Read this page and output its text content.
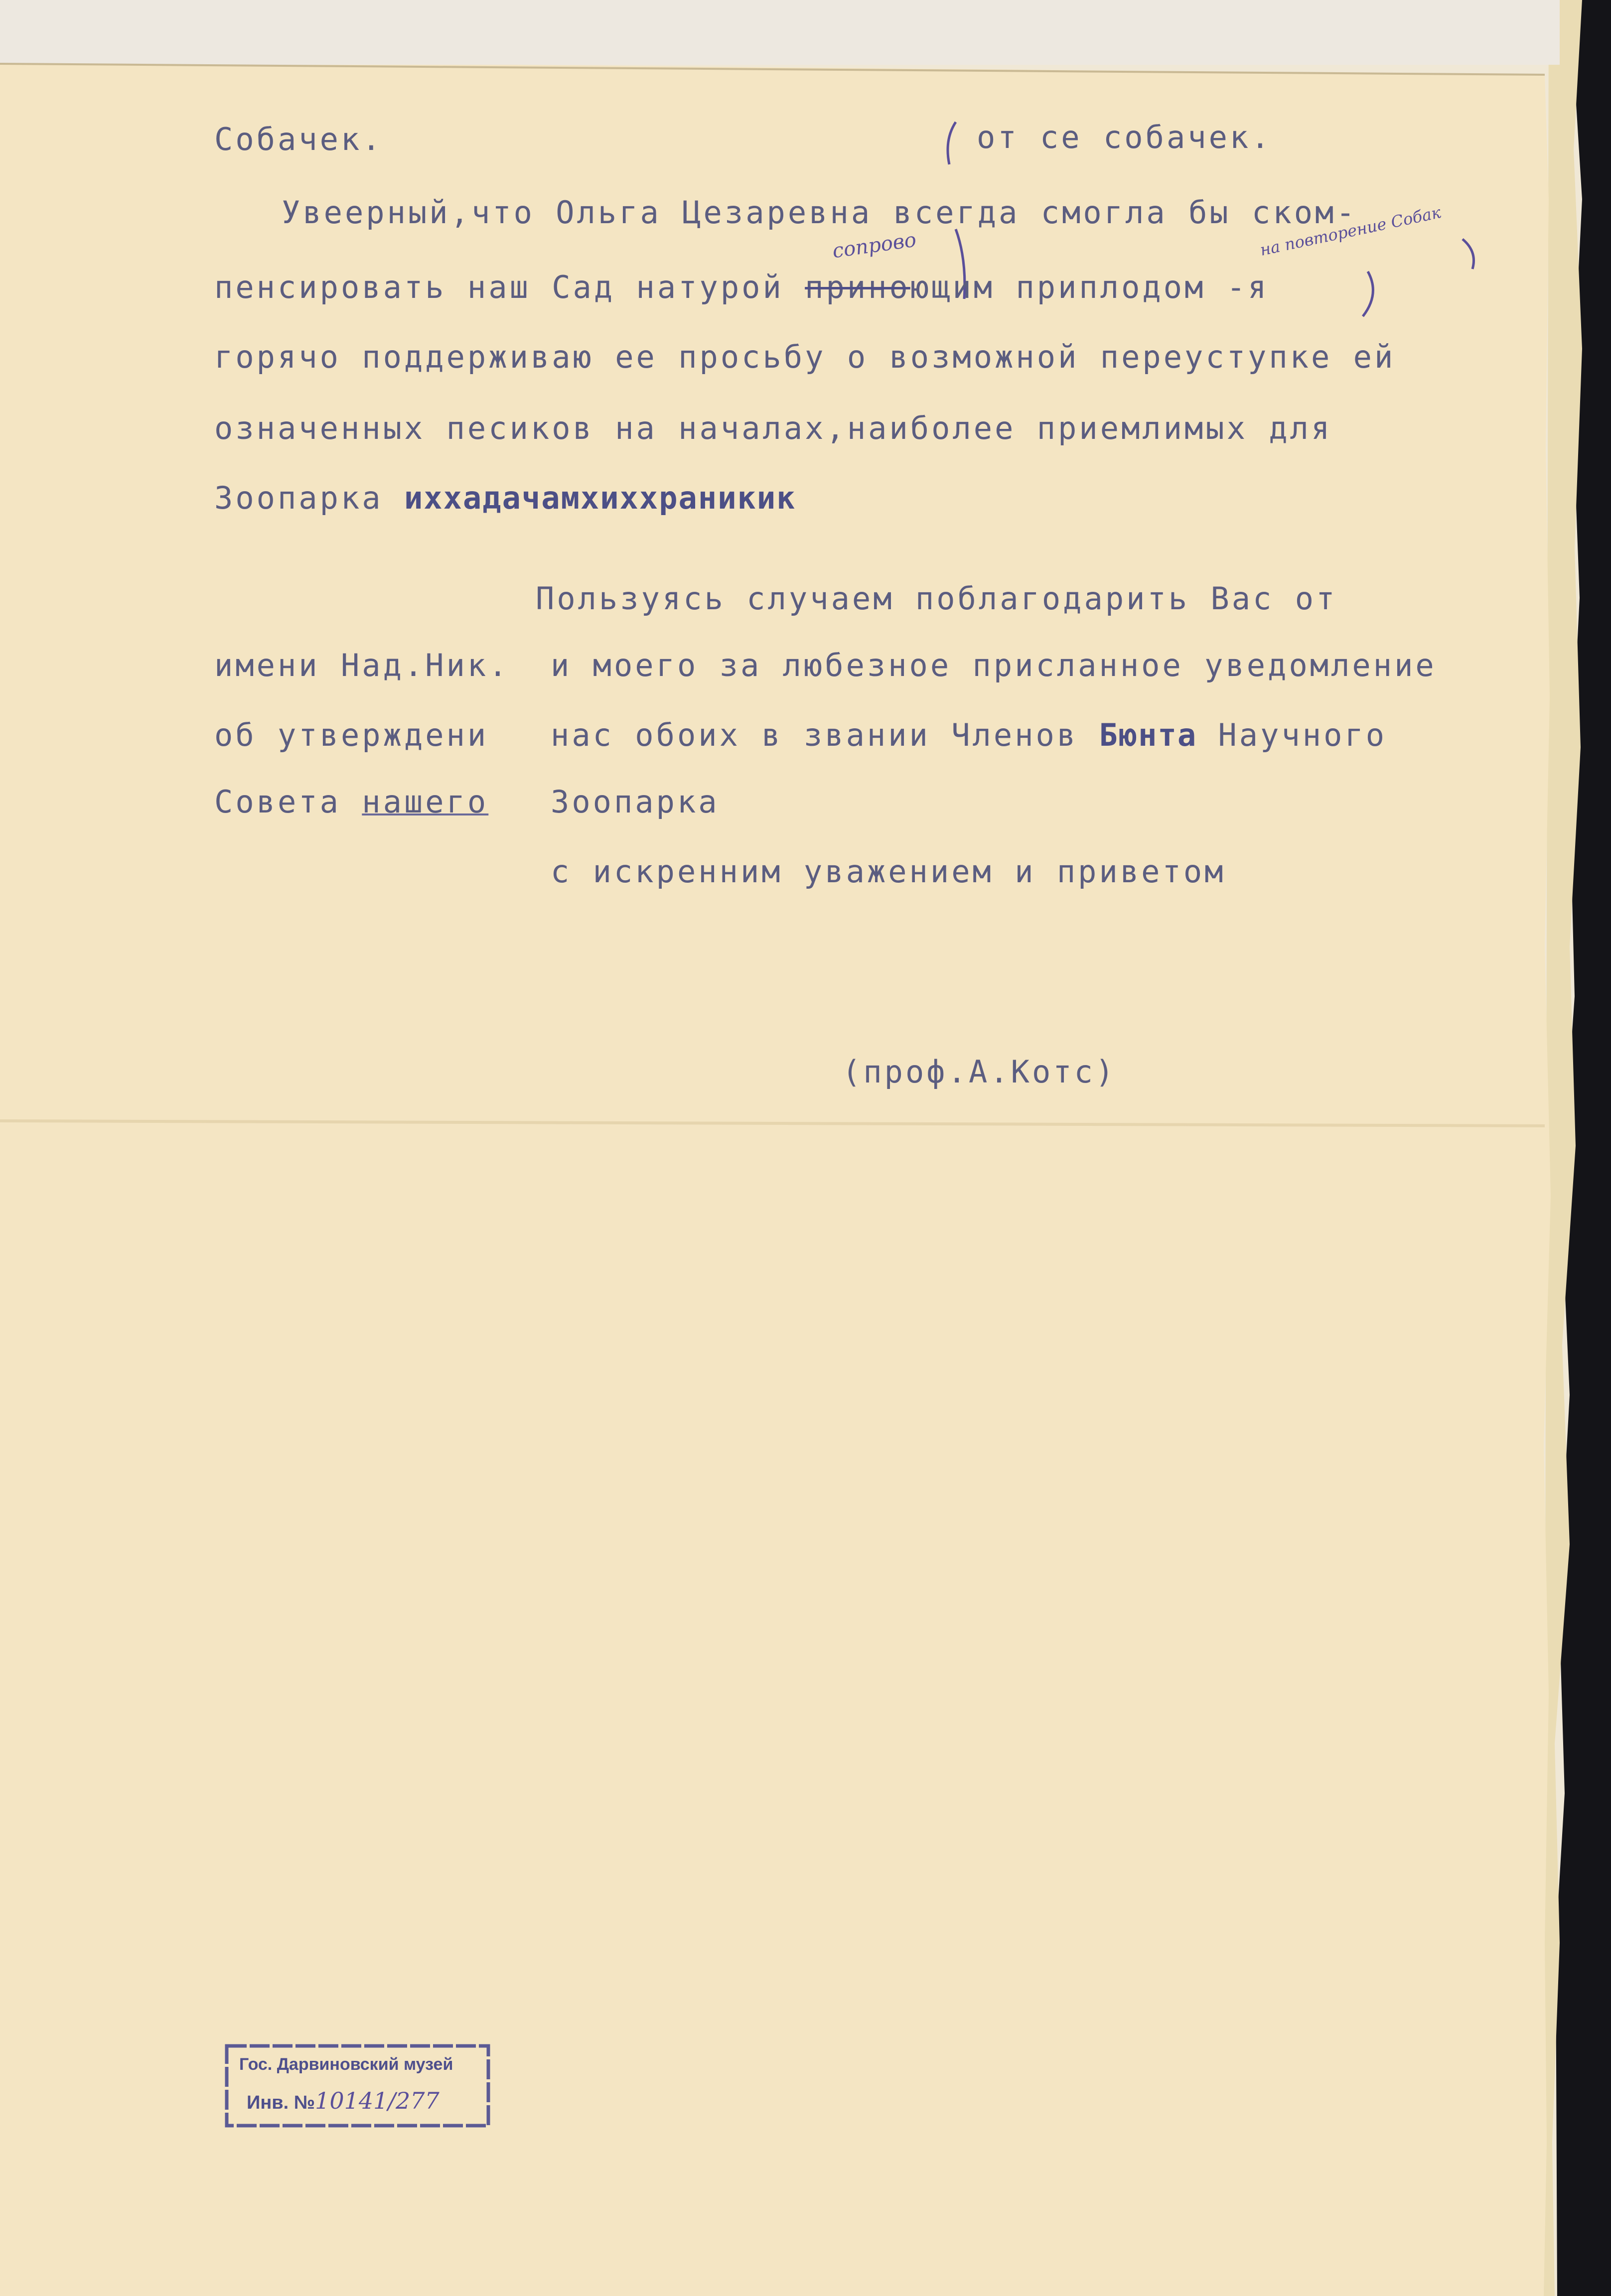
Собачек.	от се собачек.
Увеерный,что Ольга Цезаревна всегда смогла бы ском-
пенсировать наш Сад натурой приноющим приплодом -я
горячо поддерживаю ее просьбу о возможной переуступке ей
означенных песиков на началах,наиболее приемлимых для
Зоопарка ихxадачамхихxраникик
Пользуясь случаем поблагодарить Вас от
имени Над.Ник. и моего за любезное присланное уведомление
об утверждени нас обоих в звании Членов Бюнта Научного
Совета нашего Зоопарка
с искренним уважением и приветом
(проф.А.Котс)
сопрово	на повторение Собак
Гос. Дарвиновский музей
Инв. №10141/277
